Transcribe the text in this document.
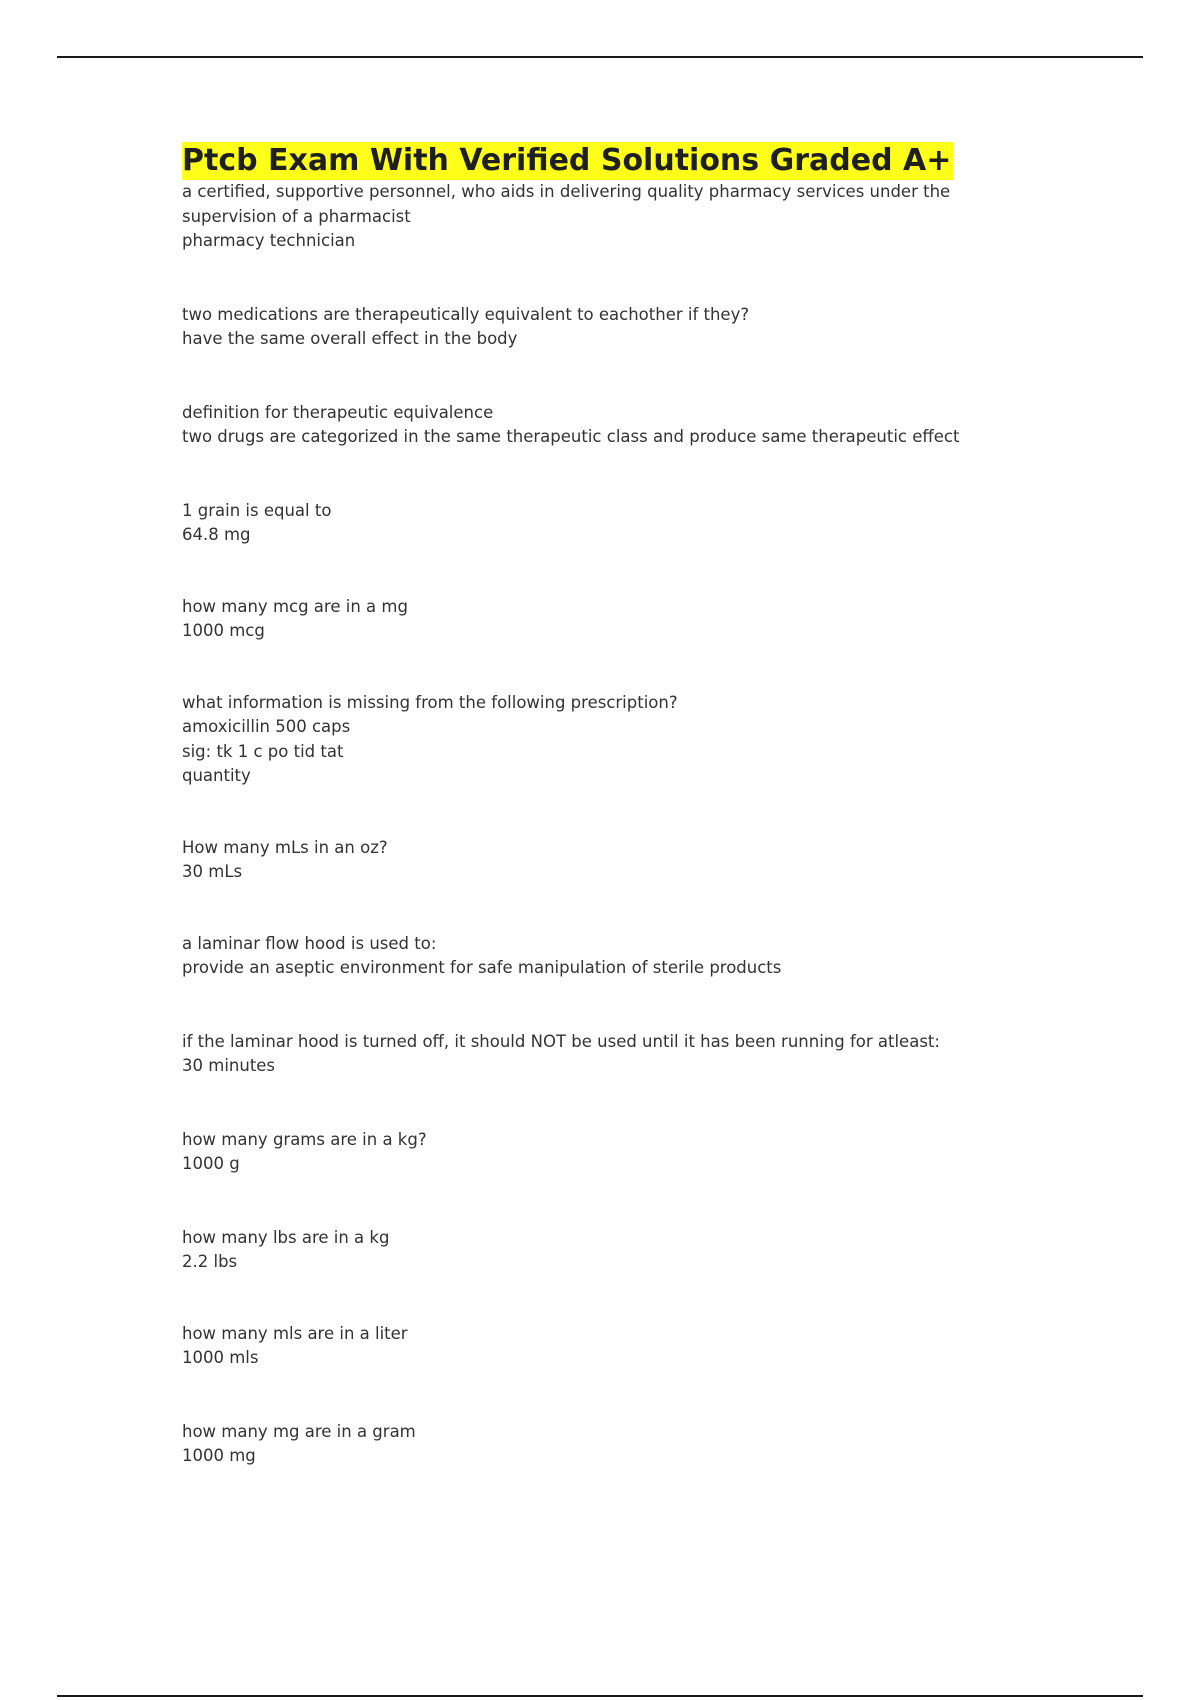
Ptcb Exam With Verified Solutions Graded A+
a certified, supportive personnel, who aids in delivering quality pharmacy services under the
supervision of a pharmacist
pharmacy technician
two medications are therapeutically equivalent to eachother if they?
have the same overall effect in the body
definition for therapeutic equivalence
two drugs are categorized in the same therapeutic class and produce same therapeutic effect
1 grain is equal to
64.8 mg
how many mcg are in a mg
1000 mcg
what information is missing from the following prescription?
amoxicillin 500 caps
sig: tk 1 c po tid tat
quantity
How many mLs in an oz?
30 mLs
a laminar flow hood is used to:
provide an aseptic environment for safe manipulation of sterile products
if the laminar hood is turned off, it should NOT be used until it has been running for atleast:
30 minutes
how many grams are in a kg?
1000 g
how many lbs are in a kg
2.2 lbs
how many mls are in a liter
1000 mls
how many mg are in a gram
1000 mg
